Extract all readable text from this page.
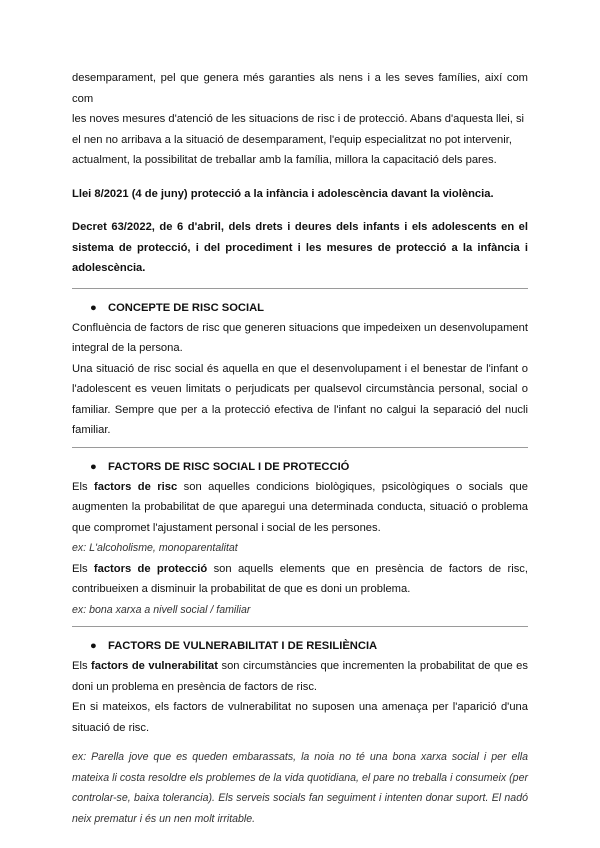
desemparament, pel que genera més garanties als nens i a les seves famílies, així com com

les noves mesures d'atenció de les situacions de risc i de protecció. Abans d'aquesta llei, si

el nen no arribava a la situació de desemparament, l'equip especialitzat no pot intervenir,

actualment, la possibilitat de treballar amb la família, millora la capacitació dels pares.

Llei 8/2021 (4 de juny) protecció a la infància i adolescència davant la violència.

Decret 63/2022, de 6 d'abril, dels drets i deures dels infants i els adolescents en el sistema de protecció, i del procediment i les mesures de protecció a la infància i adolescència.

● CONCEPTE DE RISC SOCIAL

Confluència de factors de risc que generen situacions que impedeixen un desenvolupament integral de la persona.

Una situació de risc social és aquella en que el desenvolupament i el benestar de l'infant o l'adolescent es veuen limitats o perjudicats per qualsevol circumstància personal, social o familiar. Sempre que per a la protecció efectiva de l'infant no calgui la separació del nucli familiar.

● FACTORS DE RISC SOCIAL I DE PROTECCIÓ

Els factors de risc son aquelles condicions biològiques, psicològiques o socials que augmenten la probabilitat de que aparegui una determinada conducta, situació o problema que compromet l'ajustament personal i social de les persones.

ex: L'alcoholisme, monoparentalitat

Els factors de protecció son aquells elements que en presència de factors de risc, contribueixen a disminuir la probabilitat de que es doni un problema.

ex: bona xarxa a nivell social / familiar

● FACTORS DE VULNERABILITAT I DE RESILIÈNCIA

Els factors de vulnerabilitat son circumstàncies que incrementen la probabilitat de que es doni un problema en presència de factors de risc.

En si mateixos, els factors de vulnerabilitat no suposen una amenaça per l'aparició d'una situació de risc.

ex: Parella jove que es queden embarassats, la noia no té una bona xarxa social i per ella mateixa li costa resoldre els problemes de la vida quotidiana, el pare no treballa i consumeix (per controlar-se, baixa tolerancia). Els serveis socials fan seguiment i intenten donar suport. El nadó neix prematur i és un nen molt irritable.
